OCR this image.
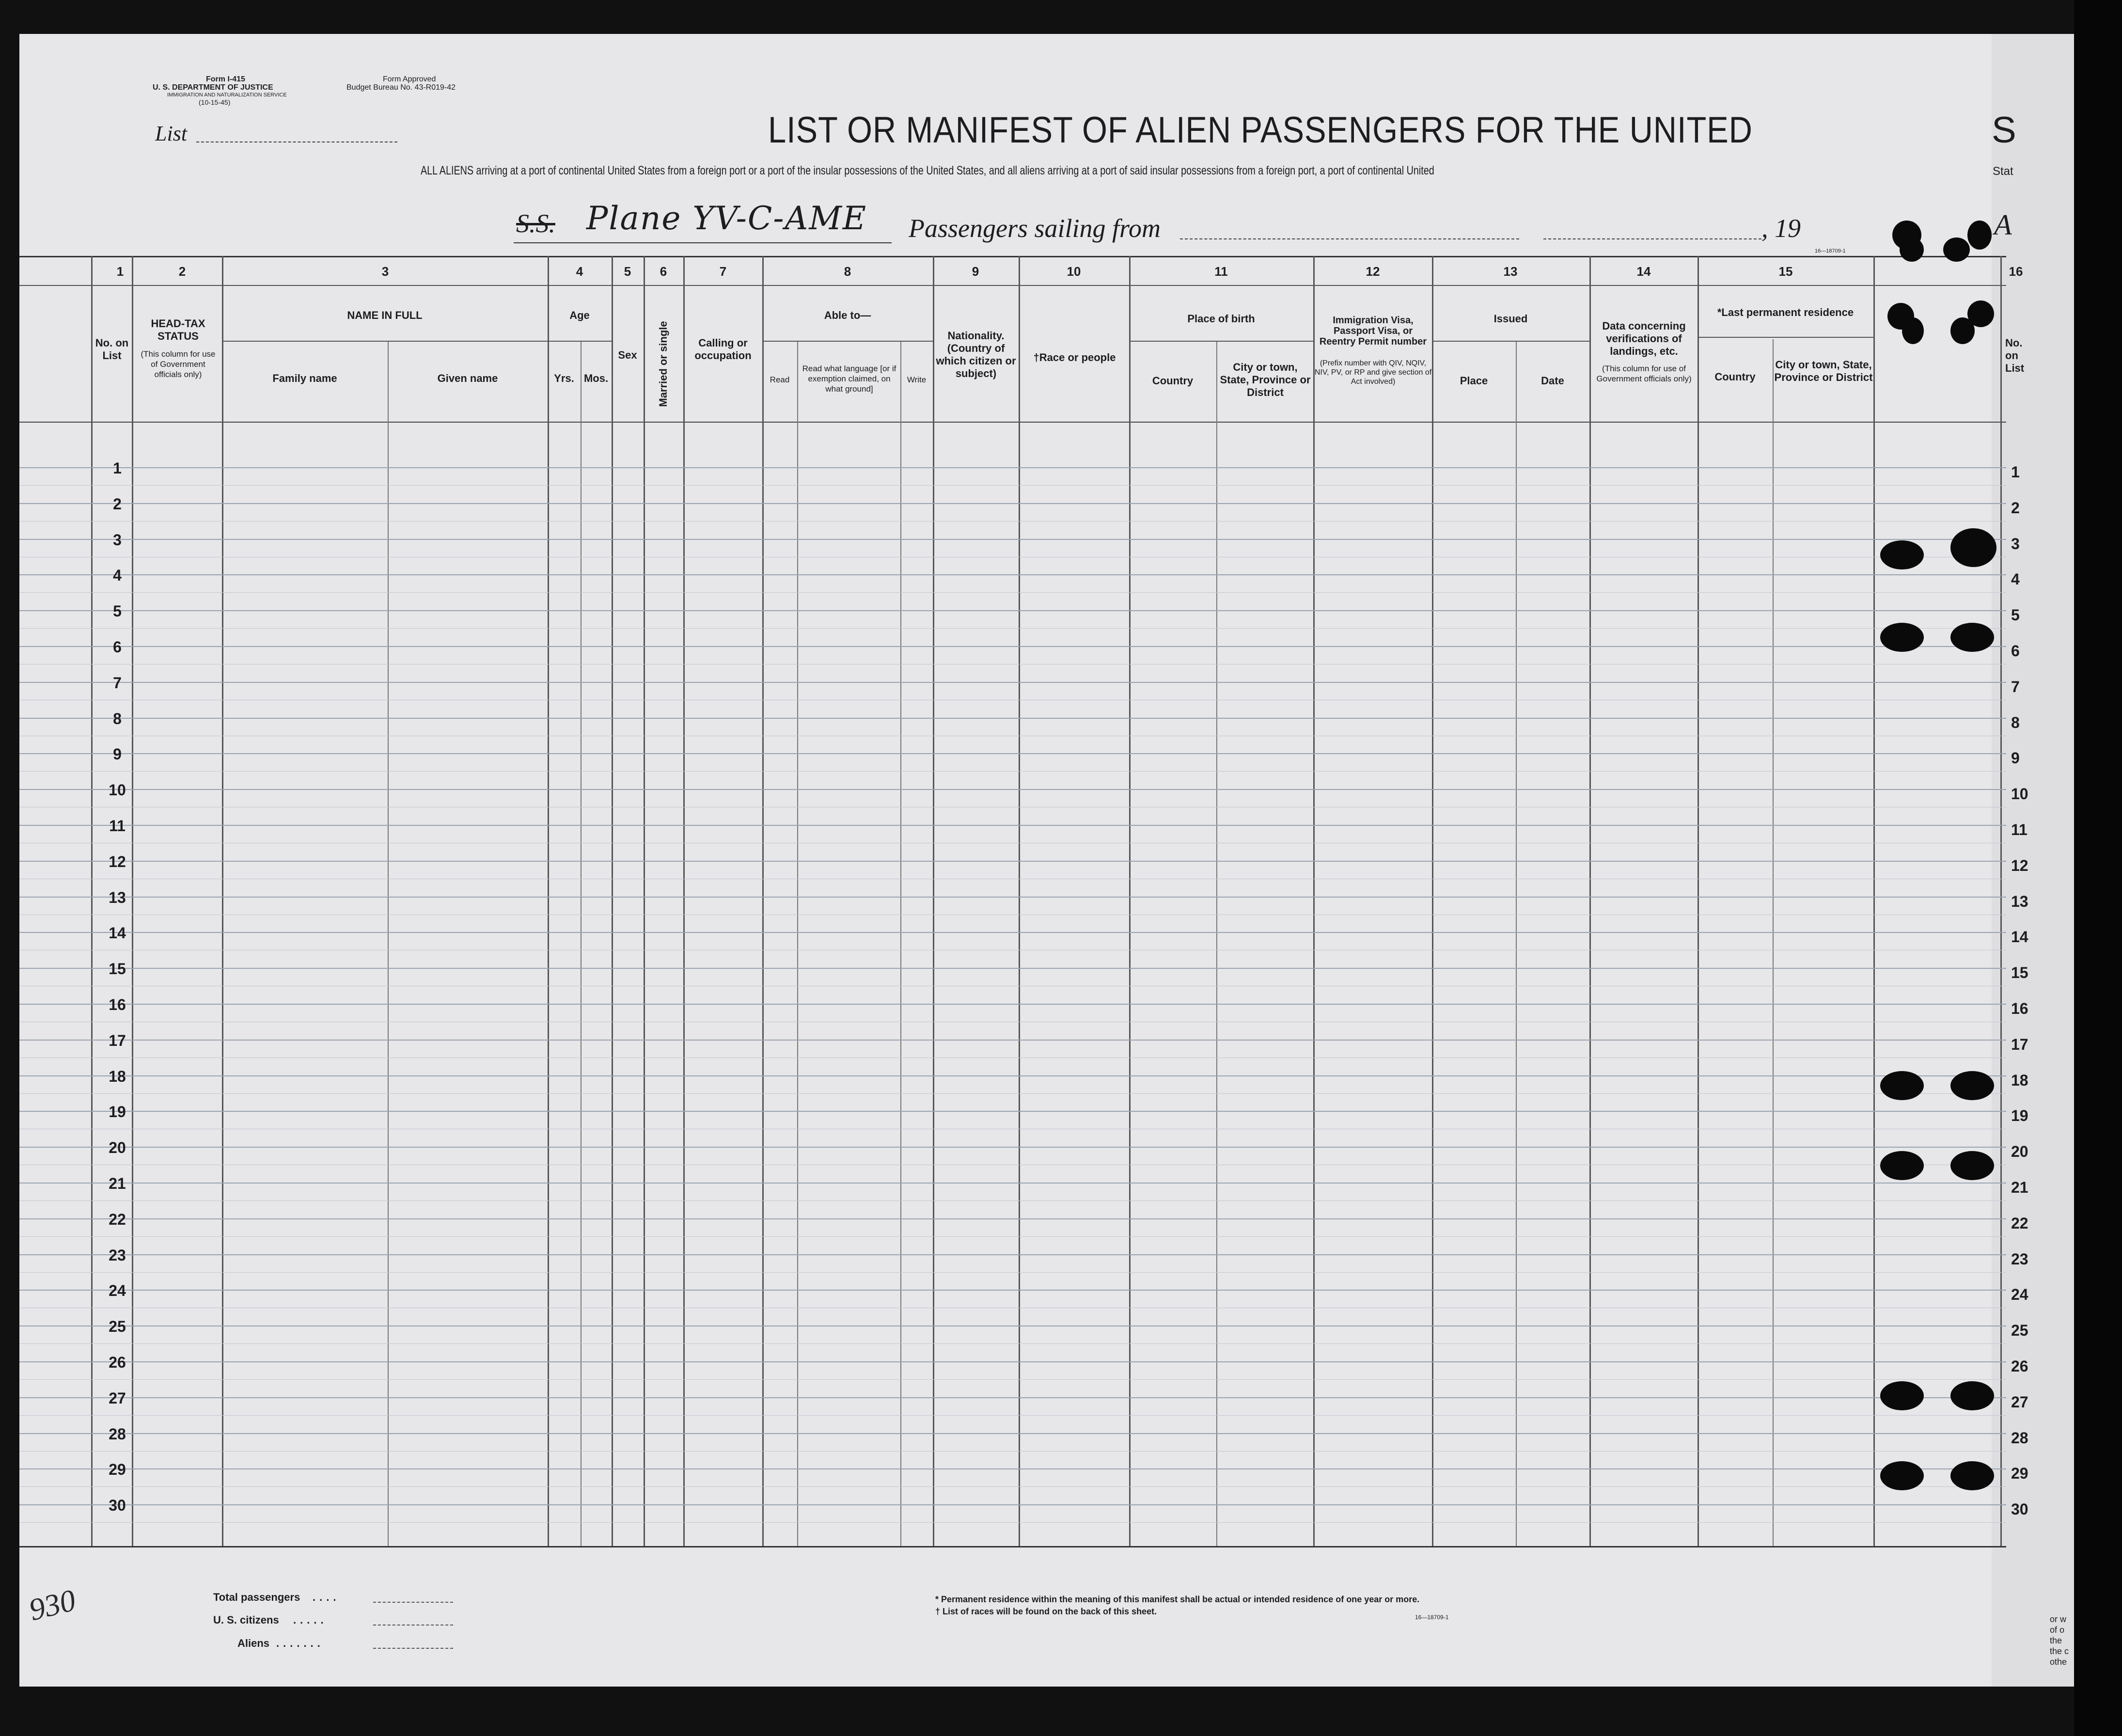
Form I-415
U. S. DEPARTMENT OF JUSTICE
IMMIGRATION AND NATURALIZATION SERVICE
(10-15-45)
Form Approved
Budget Bureau No. 43-R019-42
List	LIST OR MANIFEST OF ALIEN PASSENGERS FOR THE UNITED	S
ALL ALIENS arriving at a port of continental United States from a foreign port or a port of the insular possessions of the United States, and all aliens arriving at a port of said insular possessions from a foreign port, a port of continental United	Stat
S.S. Plane YV-C-AME Passengers sailing from	, 19	A
16—18709-1
1	2	3	4	5	6	7	8	9	10	11	12	13	14	15	16
No. on List
HEAD-TAX STATUS
(This column for use of Government officials only)
NAME IN FULL
Family name	Given name
Age
Yrs. Mos.
Sex	Married or single	Calling or occupation
Able to—
Read
Read what language [or if exemption claimed, on what ground]
Write
Nationality. (Country of which citizen or subject)
†Race or people
Place of birth
Country
City or town, State, Province or District
Immigration Visa, Passport Visa, or Reentry Permit number
(Prefix number with QIV, NQIV, NIV, PV, or RP and give section of Act involved)
Issued
Place	Date
Data concerning verifications of landings, etc.
(This column for use of Government officials only)
*Last permanent residence
Country
City or town, State, Province or District
No. on List
1	1
2	2
3	3
4	4
5	5
6	6
7	7
8	8
9	9
10	10
11	11
12	12
13	13
14	14
15	15
16	16
17	17
18	18
19	19
20	20
21	21
22	22
23	23
24	24
25	25
26	26
27	27
28	28
29	29
30	30
930	Total passengers ....
U. S. citizens .....
Aliens .......
* Permanent residence within the meaning of this manifest shall be actual or intended residence of one year or more.
† List of races will be found on the back of this sheet.
16—18709-1	or w
of o
the
the c
othe
